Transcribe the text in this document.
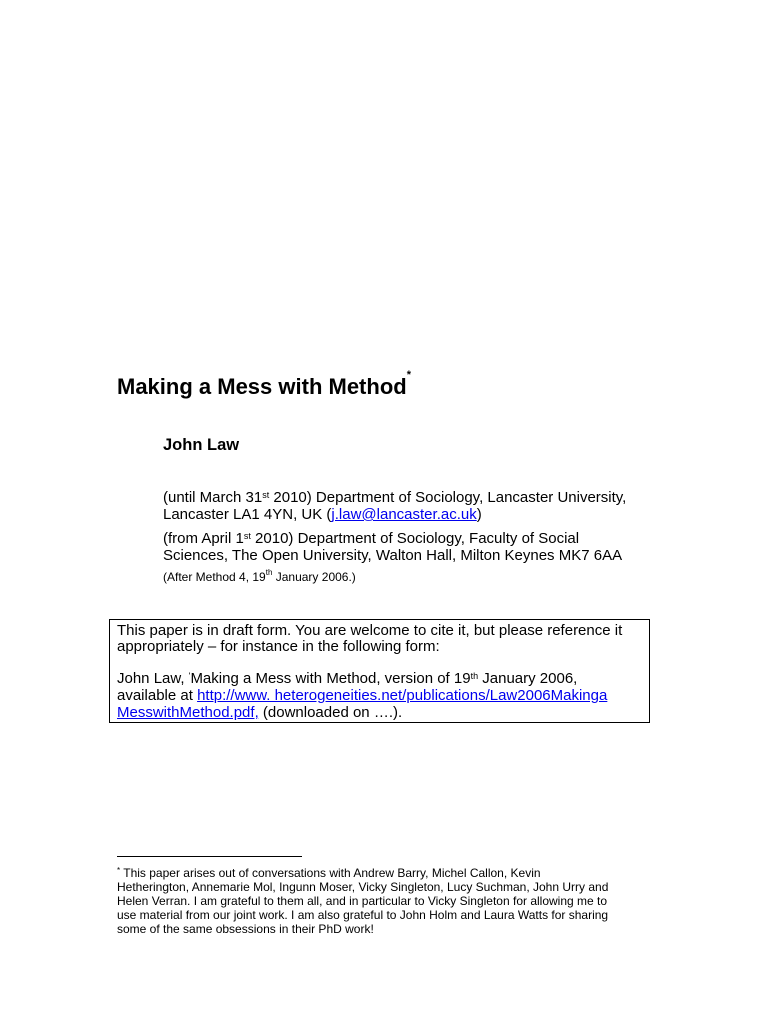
Making a Mess with Method*
John Law
(until March 31st 2010) Department of Sociology, Lancaster University,
Lancaster LA1 4YN, UK (j.law@lancaster.ac.uk)
(from April 1st 2010) Department of Sociology, Faculty of Social
Sciences, The Open University, Walton Hall, Milton Keynes MK7 6AA
(After Method 4, 19th January 2006.)
This paper is in draft form. You are welcome to cite it, but please reference it
appropriately – for instance in the following form:
John Law, 'Making a Mess with Method, version of 19th January 2006,
available at http://www. heterogeneities.net/publications/Law2006Makinga
MesswithMethod.pdf, (downloaded on ….).
* This paper arises out of conversations with Andrew Barry, Michel Callon, Kevin
Hetherington, Annemarie Mol, Ingunn Moser, Vicky Singleton, Lucy Suchman, John Urry and
Helen Verran. I am grateful to them all, and in particular to Vicky Singleton for allowing me to
use material from our joint work. I am also grateful to John Holm and Laura Watts for sharing
some of the same obsessions in their PhD work!
